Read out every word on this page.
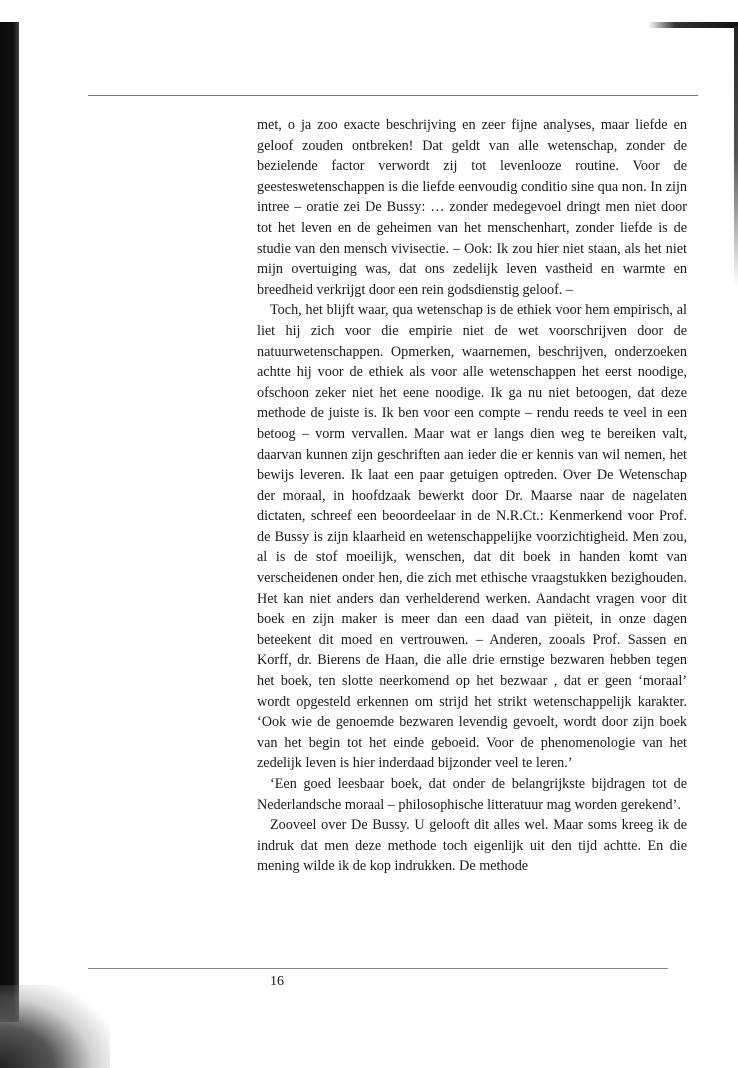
met, o ja zoo exacte beschrijving en zeer fijne analyses, maar liefde en geloof zouden ontbreken! Dat geldt van alle wetenschap, zonder de bezielende factor verwordt zij tot levenlooze routine. Voor de geesteswetenschappen is die liefde eenvoudig conditio sine qua non. In zijn intree – oratie zei De Bussy: … zonder medegevoel dringt men niet door tot het leven en de geheimen van het menschenhart, zonder liefde is de studie van den mensch vivisectie. – Ook: Ik zou hier niet staan, als het niet mijn overtuiging was, dat ons zedelijk leven vastheid en warmte en breedheid verkrijgt door een rein godsdienstig geloof. –

Toch, het blijft waar, qua wetenschap is de ethiek voor hem empirisch, al liet hij zich voor die empirie niet de wet voorschrijven door de natuurwetenschappen. Opmerken, waarnemen, beschrijven, onderzoeken achtte hij voor de ethiek als voor alle wetenschappen het eerst noodige, ofschoon zeker niet het eene noodige. Ik ga nu niet betoogen, dat deze methode de juiste is. Ik ben voor een compte – rendu reeds te veel in een betoog – vorm vervallen. Maar wat er langs dien weg te bereiken valt, daarvan kunnen zijn geschriften aan ieder die er kennis van wil nemen, het bewijs leveren. Ik laat een paar getuigen optreden. Over De Wetenschap der moraal, in hoofdzaak bewerkt door Dr. Maarse naar de nagelaten dictaten, schreef een beoordeelaar in de N.R.Ct.: Kenmerkend voor Prof. de Bussy is zijn klaarheid en wetenschappelijke voorzichtigheid. Men zou, al is de stof moeilijk, wenschen, dat dit boek in handen komt van verscheidenen onder hen, die zich met ethische vraagstukken bezighouden. Het kan niet anders dan verhelderend werken. Aandacht vragen voor dit boek en zijn maker is meer dan een daad van piëteit, in onze dagen beteekent dit moed en vertrouwen. – Anderen, zooals Prof. Sassen en Korff, dr. Bierens de Haan, die alle drie ernstige bezwaren hebben tegen het boek, ten slotte neerkomend op het bezwaar , dat er geen ‘moraal’ wordt opgesteld erkennen om strijd het strikt wetenschappelijk karakter. ‘Ook wie de genoemde bezwaren levendig gevoelt, wordt door zijn boek van het begin tot het einde geboeid. Voor de phenomenologie van het zedelijk leven is hier inderdaad bijzonder veel te leren.’

‘Een goed leesbaar boek, dat onder de belangrijkste bijdragen tot de Nederlandsche moraal – philosophische litteratuur mag worden gerekend’.

Zooveel over De Bussy. U gelooft dit alles wel. Maar soms kreeg ik de indruk dat men deze methode toch eigenlijk uit den tijd achtte. En die mening wilde ik de kop indrukken. De methode

16
